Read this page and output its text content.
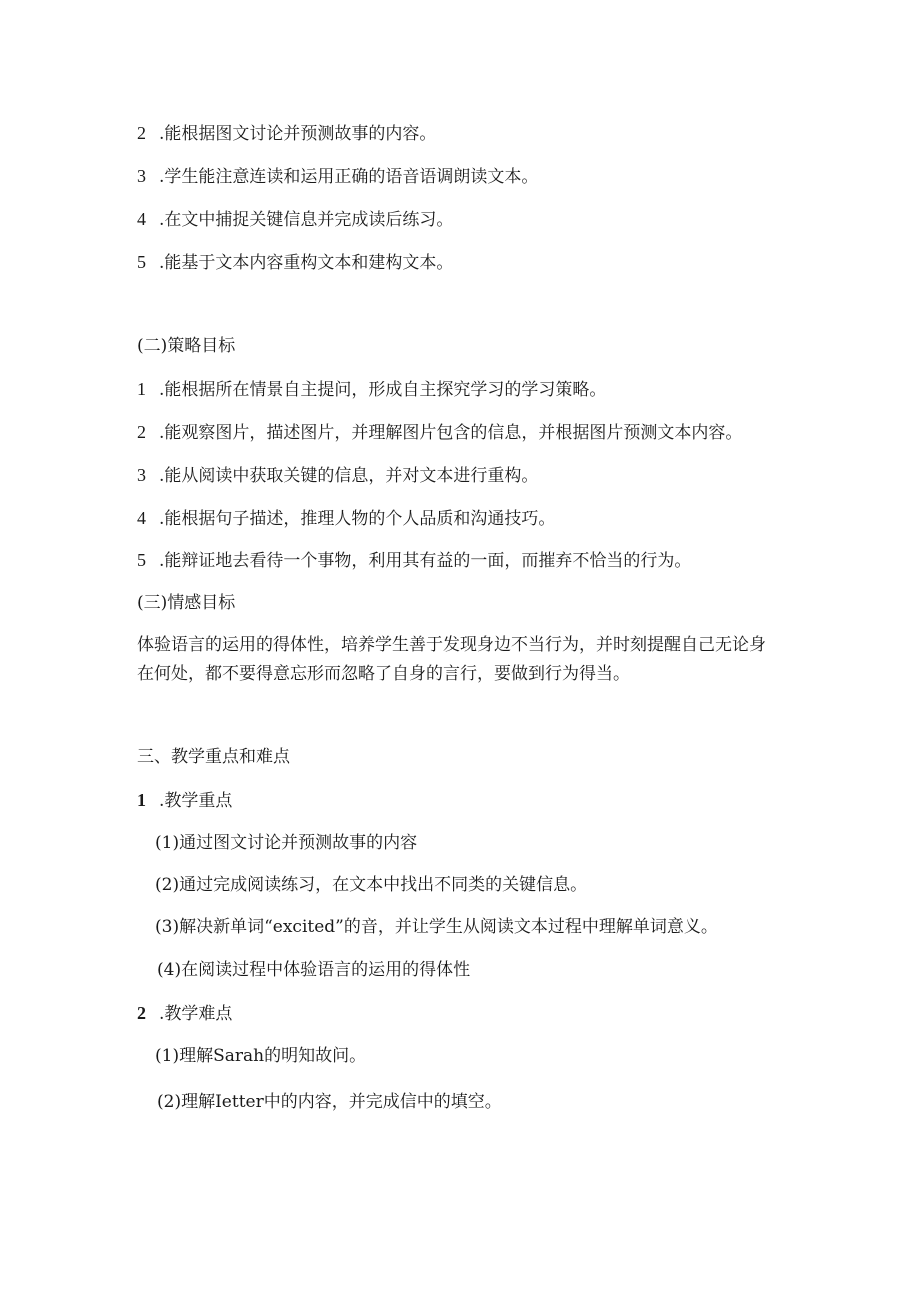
2 .能根据图文讨论并预测故事的内容。
3 .学生能注意连读和运用正确的语音语调朗读文本。
4 .在文中捕捉关键信息并完成读后练习。
5 .能基于文本内容重构文本和建构文本。
(二)策略目标
1 .能根据所在情景自主提问，形成自主探究学习的学习策略。
2 .能观察图片，描述图片，并理解图片包含的信息，并根据图片预测文本内容。
3 .能从阅读中获取关键的信息，并对文本进行重构。
4 .能根据句子描述，推理人物的个人品质和沟通技巧。
5 .能辩证地去看待一个事物，利用其有益的一面，而摧弃不恰当的行为。
(三)情感目标
体验语言的运用的得体性，培养学生善于发现身边不当行为，并时刻提醒自己无论身
在何处，都不要得意忘形而忽略了自身的言行，要做到行为得当。
三、教学重点和难点
1 .教学重点
(1)通过图文讨论并预测故事的内容
(2)通过完成阅读练习，在文本中找出不同类的关键信息。
(3)解决新单词“excited”的音，并让学生从阅读文本过程中理解单词意义。
(4)在阅读过程中体验语言的运用的得体性
2 .教学难点
(1)理解Sarah的明知故问。
(2)理解Ietter中的内容，并完成信中的填空。
